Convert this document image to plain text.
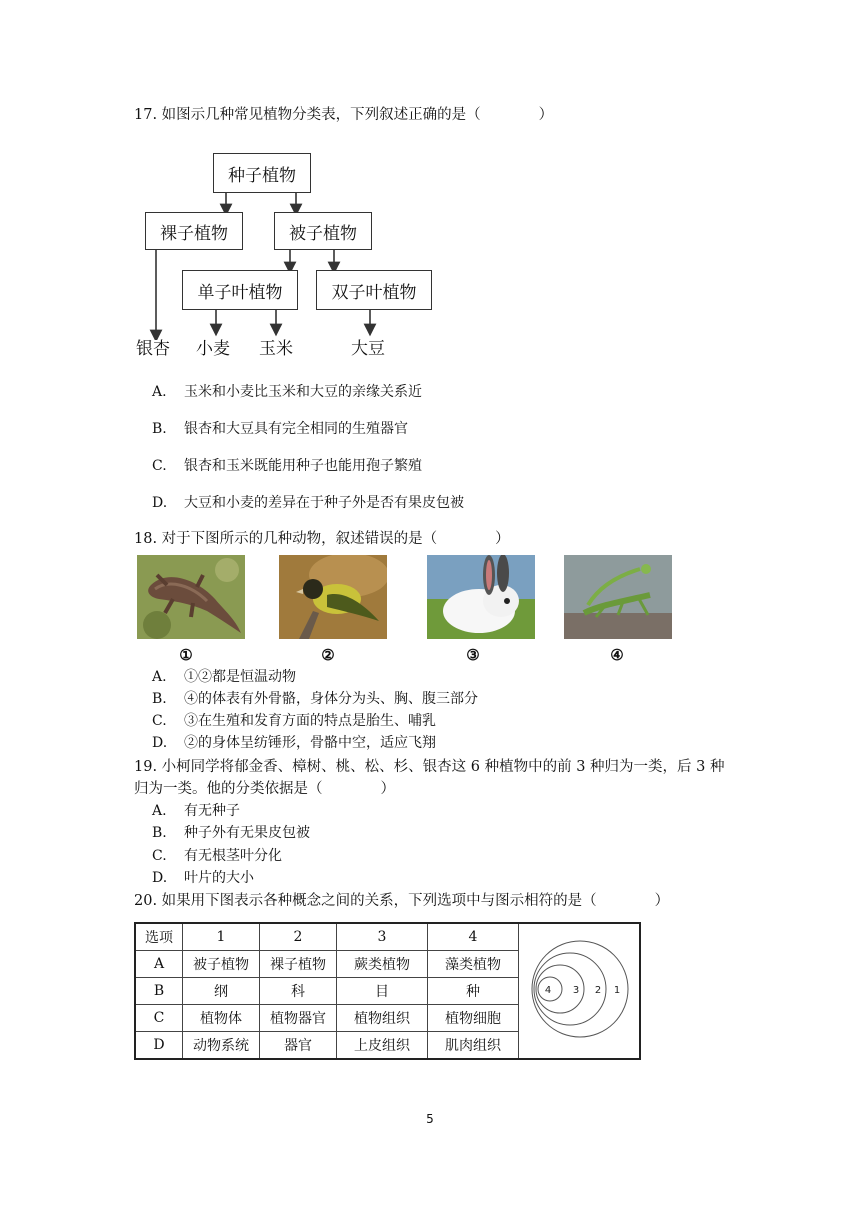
17. 如图示几种常见植物分类表，下列叙述正确的是（　　　　）
种子植物
裸子植物	被子植物
单子叶植物	双子叶植物
银杏 小麦 玉米	大豆
A. 玉米和小麦比玉米和大豆的亲缘关系近
B. 银杏和大豆具有完全相同的生殖器官
C. 银杏和玉米既能用种子也能用孢子繁殖
D. 大豆和小麦的差异在于种子外是否有果皮包被
18. 对于下图所示的几种动物，叙述错误的是（　　　　）
①	②	③	④
A. ①②都是恒温动物
B. ④的体表有外骨骼，身体分为头、胸、腹三部分
C. ③在生殖和发育方面的特点是胎生、哺乳
D. ②的身体呈纺锤形，骨骼中空，适应飞翔
19. 小柯同学将郁金香、樟树、桃、松、杉、银杏这 6 种植物中的前 3 种归为一类，后 3 种
归为一类。他的分类依据是（　　　　）
A. 有无种子
B. 种子外有无果皮包被
C. 有无根茎叶分化
D. 叶片的大小
20. 如果用下图表示各种概念之间的关系，下列选项中与图示相符的是（　　　　）
选项	1	2	3	4	4 3 2 1

A	被子植物	裸子植物	蕨类植物	藻类植物	
B	纲	科	目	种	
C	植物体	植物器官	植物组织	植物细胞	
D	动物系统	器官	上皮组织	肌肉组织	
5
